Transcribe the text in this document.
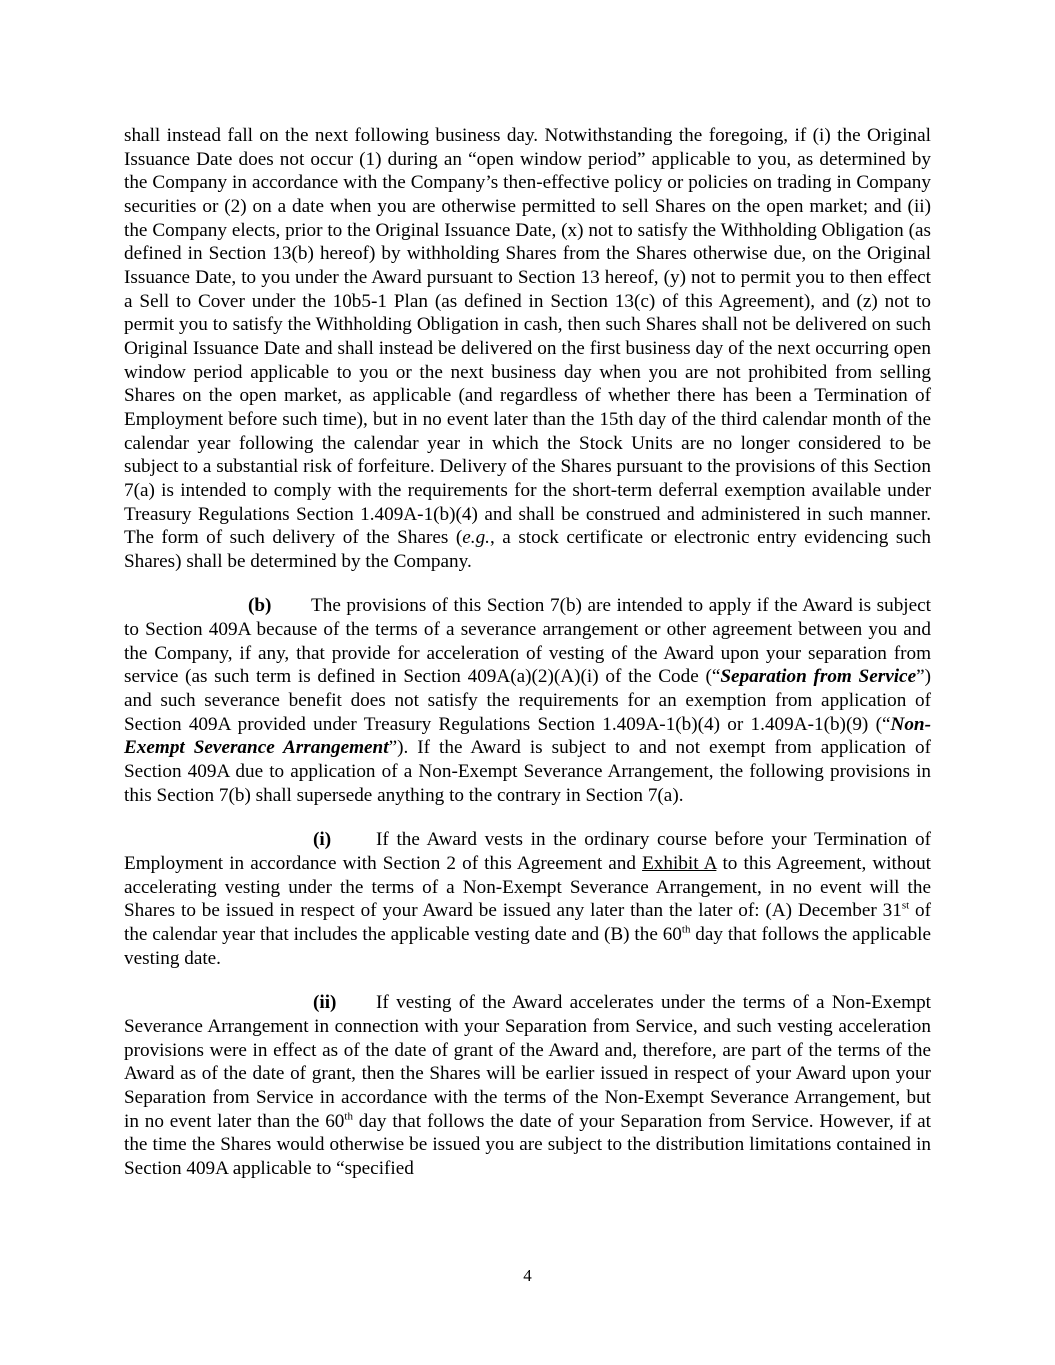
shall instead fall on the next following business day. Notwithstanding the foregoing, if (i) the Original Issuance Date does not occur (1) during an “open window period” applicable to you, as determined by the Company in accordance with the Company’s then-effective policy or policies on trading in Company securities or (2) on a date when you are otherwise permitted to sell Shares on the open market; and (ii) the Company elects, prior to the Original Issuance Date, (x) not to satisfy the Withholding Obligation (as defined in Section 13(b) hereof) by withholding Shares from the Shares otherwise due, on the Original Issuance Date, to you under the Award pursuant to Section 13 hereof, (y) not to permit you to then effect a Sell to Cover under the 10b5-1 Plan (as defined in Section 13(c) of this Agreement), and (z) not to permit you to satisfy the Withholding Obligation in cash, then such Shares shall not be delivered on such Original Issuance Date and shall instead be delivered on the first business day of the next occurring open window period applicable to you or the next business day when you are not prohibited from selling Shares on the open market, as applicable (and regardless of whether there has been a Termination of Employment before such time), but in no event later than the 15th day of the third calendar month of the calendar year following the calendar year in which the Stock Units are no longer considered to be subject to a substantial risk of forfeiture. Delivery of the Shares pursuant to the provisions of this Section 7(a) is intended to comply with the requirements for the short-term deferral exemption available under Treasury Regulations Section 1.409A-1(b)(4) and shall be construed and administered in such manner. The form of such delivery of the Shares (e.g., a stock certificate or electronic entry evidencing such Shares) shall be determined by the Company.

(b) The provisions of this Section 7(b) are intended to apply if the Award is subject to Section 409A because of the terms of a severance arrangement or other agreement between you and the Company, if any, that provide for acceleration of vesting of the Award upon your separation from service (as such term is defined in Section 409A(a)(2)(A)(i) of the Code (“Separation from Service”) and such severance benefit does not satisfy the requirements for an exemption from application of Section 409A provided under Treasury Regulations Section 1.409A-1(b)(4) or 1.409A-1(b)(9) (“Non-Exempt Severance Arrangement”). If the Award is subject to and not exempt from application of Section 409A due to application of a Non-Exempt Severance Arrangement, the following provisions in this Section 7(b) shall supersede anything to the contrary in Section 7(a).

(i) If the Award vests in the ordinary course before your Termination of Employment in accordance with Section 2 of this Agreement and Exhibit A to this Agreement, without accelerating vesting under the terms of a Non-Exempt Severance Arrangement, in no event will the Shares to be issued in respect of your Award be issued any later than the later of: (A) December 31st of the calendar year that includes the applicable vesting date and (B) the 60th day that follows the applicable vesting date.

(ii) If vesting of the Award accelerates under the terms of a Non-Exempt Severance Arrangement in connection with your Separation from Service, and such vesting acceleration provisions were in effect as of the date of grant of the Award and, therefore, are part of the terms of the Award as of the date of grant, then the Shares will be earlier issued in respect of your Award upon your Separation from Service in accordance with the terms of the Non-Exempt Severance Arrangement, but in no event later than the 60th day that follows the date of your Separation from Service. However, if at the time the Shares would otherwise be issued you are subject to the distribution limitations contained in Section 409A applicable to “specified

4
